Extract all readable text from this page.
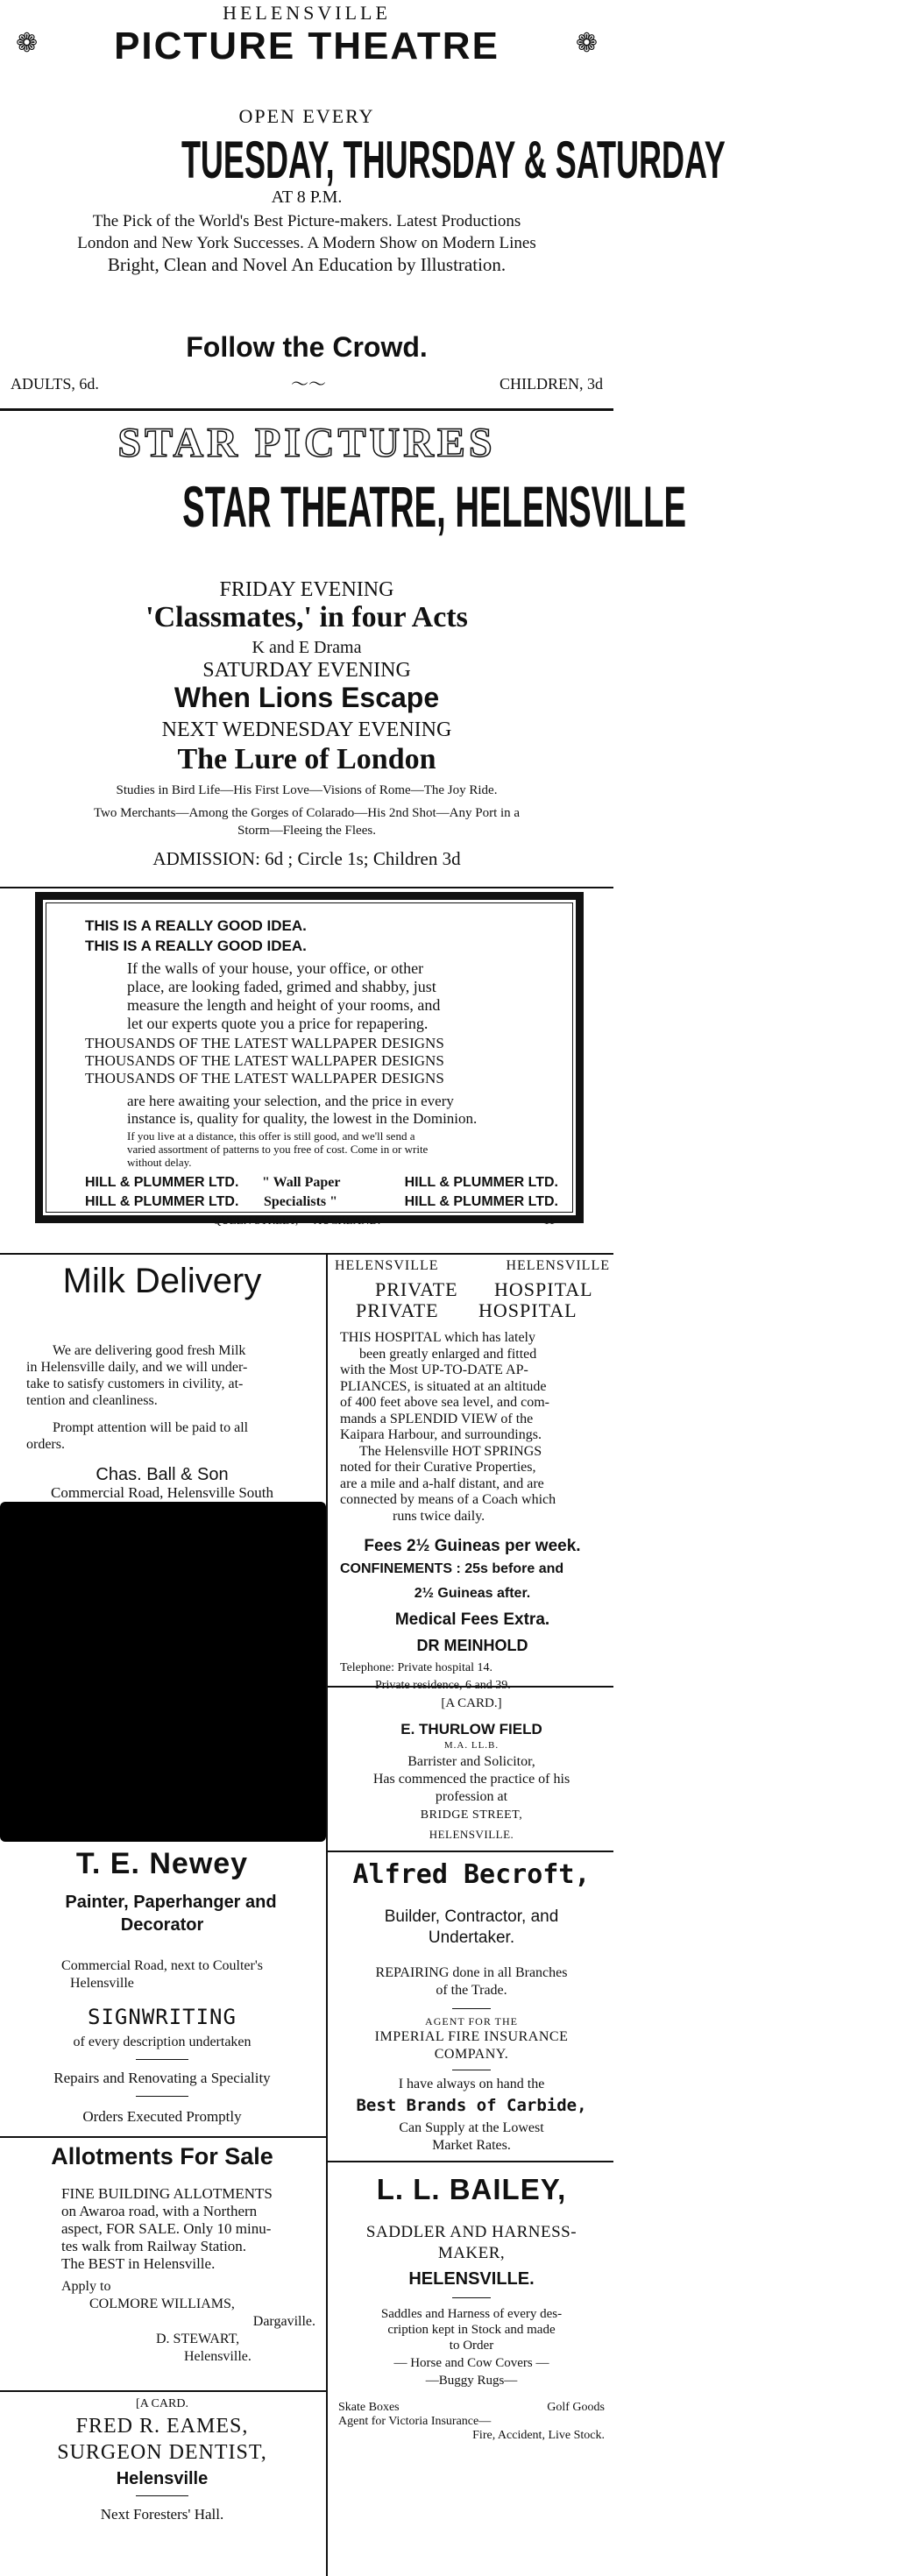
HELENSVILLE
❁ PICTURE THEATRE	❁
OPEN EVERY
TUESDAY, THURSDAY & SATURDAY
AT 8 P.M.
The Pick of the World's Best Picture-makers. Latest Productions
London and New York Successes. A Modern Show on Modern Lines
Bright, Clean and Novel An Education by Illustration.
Follow the Crowd.
ADULTS, 6d.	〜〜	CHILDREN, 3d
STAR PICTURES
STAR THEATRE, HELENSVILLE
FRIDAY EVENING
'Classmates,' in four Acts
K and E Drama
SATURDAY EVENING
When Lions Escape
NEXT WEDNESDAY EVENING
The Lure of London
Studies in Bird Life—His First Love—Visions of Rome—The Joy Ride.
Two Merchants—Among the Gorges of Colarado—His 2nd Shot—Any Port in a
Storm—Fleeing the Flees.
ADMISSION: 6d ; Circle 1s; Children 3d
THIS IS A REALLY GOOD IDEA.
THIS IS A REALLY GOOD IDEA.
If the walls of your house, your office, or other
place, are looking faded, grimed and shabby, just
measure the length and height of your rooms, and
let our experts quote you a price for repapering.
THOUSANDS OF THE LATEST WALLPAPER DESIGNS
THOUSANDS OF THE LATEST WALLPAPER DESIGNS
THOUSANDS OF THE LATEST WALLPAPER DESIGNS
are here awaiting your selection, and the price in every
instance is, quality for quality, the lowest in the Dominion.
If you live at a distance, this offer is still good, and we'll send a
varied assortment of patterns to you free of cost. Come in or write
without delay.
HILL & PLUMMER LTD. " Wall Paper	HILL & PLUMMER LTD.
HILL & PLUMMER LTD. Specialists "	HILL & PLUMMER LTD.
QUEEN STREET, - - AUCKLAND.	11
Milk Delivery
We are delivering good fresh Milk
in Helensville daily, and we will under-
take to satisfy customers in civility, at-
tention and cleanliness.
Prompt attention will be paid to all
orders.
Chas. Ball & Son
Commercial Road, Helensville South
T. E. Newey
Painter, Paperhanger and
Decorator
Commercial Road, next to Coulter's
Helensville
SIGNWRITING
of every description undertaken
Repairs and Renovating a Speciality
Orders Executed Promptly
Allotments For Sale
FINE BUILDING ALLOTMENTS
on Awaroa road, with a Northern
aspect, FOR SALE. Only 10 minu-
tes walk from Railway Station.
The BEST in Helensville.
Apply to
COLMORE WILLIAMS,
Dargaville.
D. STEWART,
Helensville.
[A CARD.
FRED R. EAMES,
SURGEON DENTIST,
Helensville
Next Foresters' Hall.
HELENSVILLE	HELENSVILLE
PRIVATE HOSPITAL
PRIVATE HOSPITAL
THIS HOSPITAL which has lately
been greatly enlarged and fitted
with the Most UP-TO-DATE AP-
PLIANCES, is situated at an altitude
of 400 feet above sea level, and com-
mands a SPLENDID VIEW of the
Kaipara Harbour, and surroundings.
The Helensville HOT SPRINGS
noted for their Curative Properties,
are a mile and a-half distant, and are
connected by means of a Coach which
runs twice daily.
Fees 2½ Guineas per week.
CONFINEMENTS : 25s before and
2½ Guineas after.
Medical Fees Extra.
DR MEINHOLD
Telephone: Private hospital 14.
[A CARD.]
E. THURLOW FIELD
M.A. LL.B.
Barrister and Solicitor,
Has commenced the practice of his
profession at
BRIDGE STREET,
HELENSVILLE.
Alfred Becroft,
Builder, Contractor, and
Undertaker.
REPAIRING done in all Branches
of the Trade.
AGENT FOR THE
IMPERIAL FIRE INSURANCE
COMPANY.
I have always on hand the
Best Brands of Carbide,
Can Supply at the Lowest
Market Rates.
L. L. BAILEY,
SADDLER AND HARNESS-
MAKER,
HELENSVILLE.
Saddles and Harness of every des-
cription kept in Stock and made
to Order
— Horse and Cow Covers —
—Buggy Rugs—
Skate Boxes	Golf Goods
Agent for Victoria Insurance—
Fire, Accident, Live Stock.
